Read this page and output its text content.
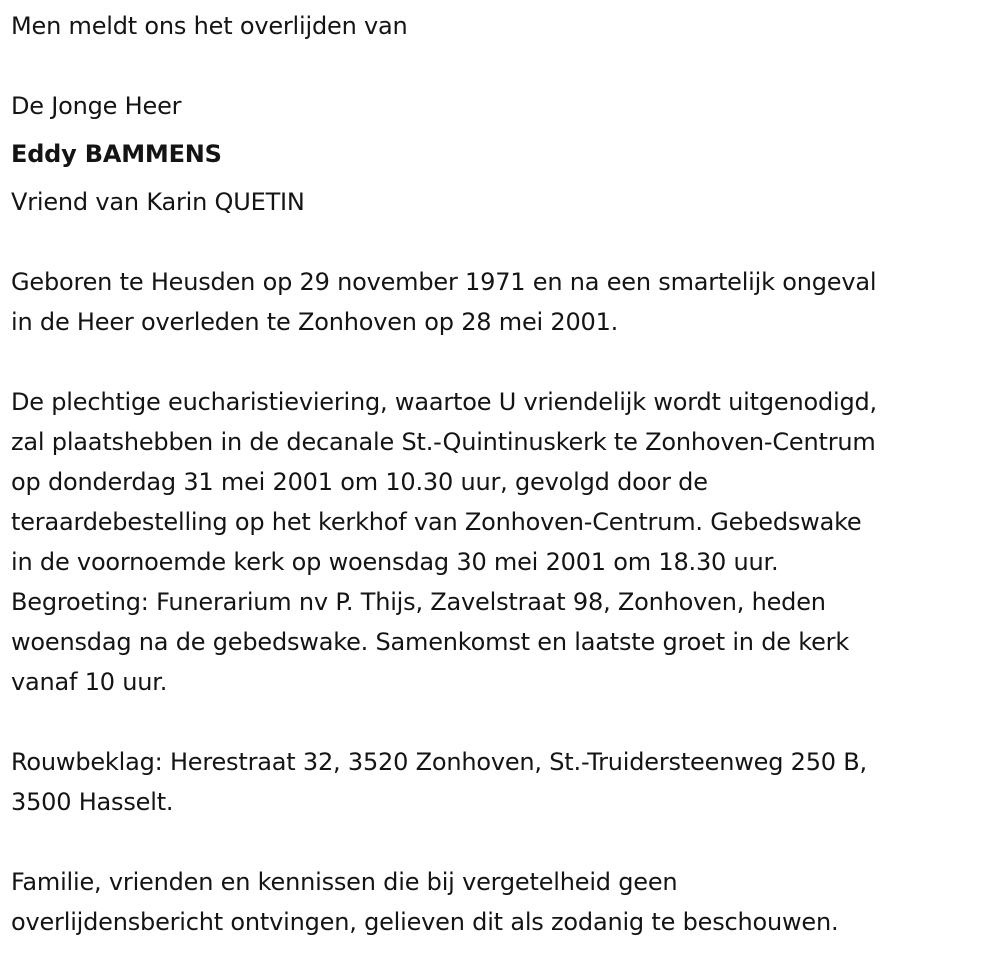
Men meldt ons het overlijden van
De Jonge Heer
Eddy BAMMENS
Vriend van Karin QUETIN
Geboren te Heusden op 29 november 1971 en na een smartelijk ongeval
in de Heer overleden te Zonhoven op 28 mei 2001.
De plechtige eucharistieviering, waartoe U vriendelijk wordt uitgenodigd,
zal plaatshebben in de decanale St.-Quintinuskerk te Zonhoven-Centrum
op donderdag 31 mei 2001 om 10.30 uur, gevolgd door de
teraardebestelling op het kerkhof van Zonhoven-Centrum. Gebedswake
in de voornoemde kerk op woensdag 30 mei 2001 om 18.30 uur.
Begroeting: Funerarium nv P. Thijs, Zavelstraat 98, Zonhoven, heden
woensdag na de gebedswake. Samenkomst en laatste groet in de kerk
vanaf 10 uur.
Rouwbeklag: Herestraat 32, 3520 Zonhoven, St.-Truidersteenweg 250 B,
3500 Hasselt.
Familie, vrienden en kennissen die bij vergetelheid geen
overlijdensbericht ontvingen, gelieven dit als zodanig te beschouwen.
